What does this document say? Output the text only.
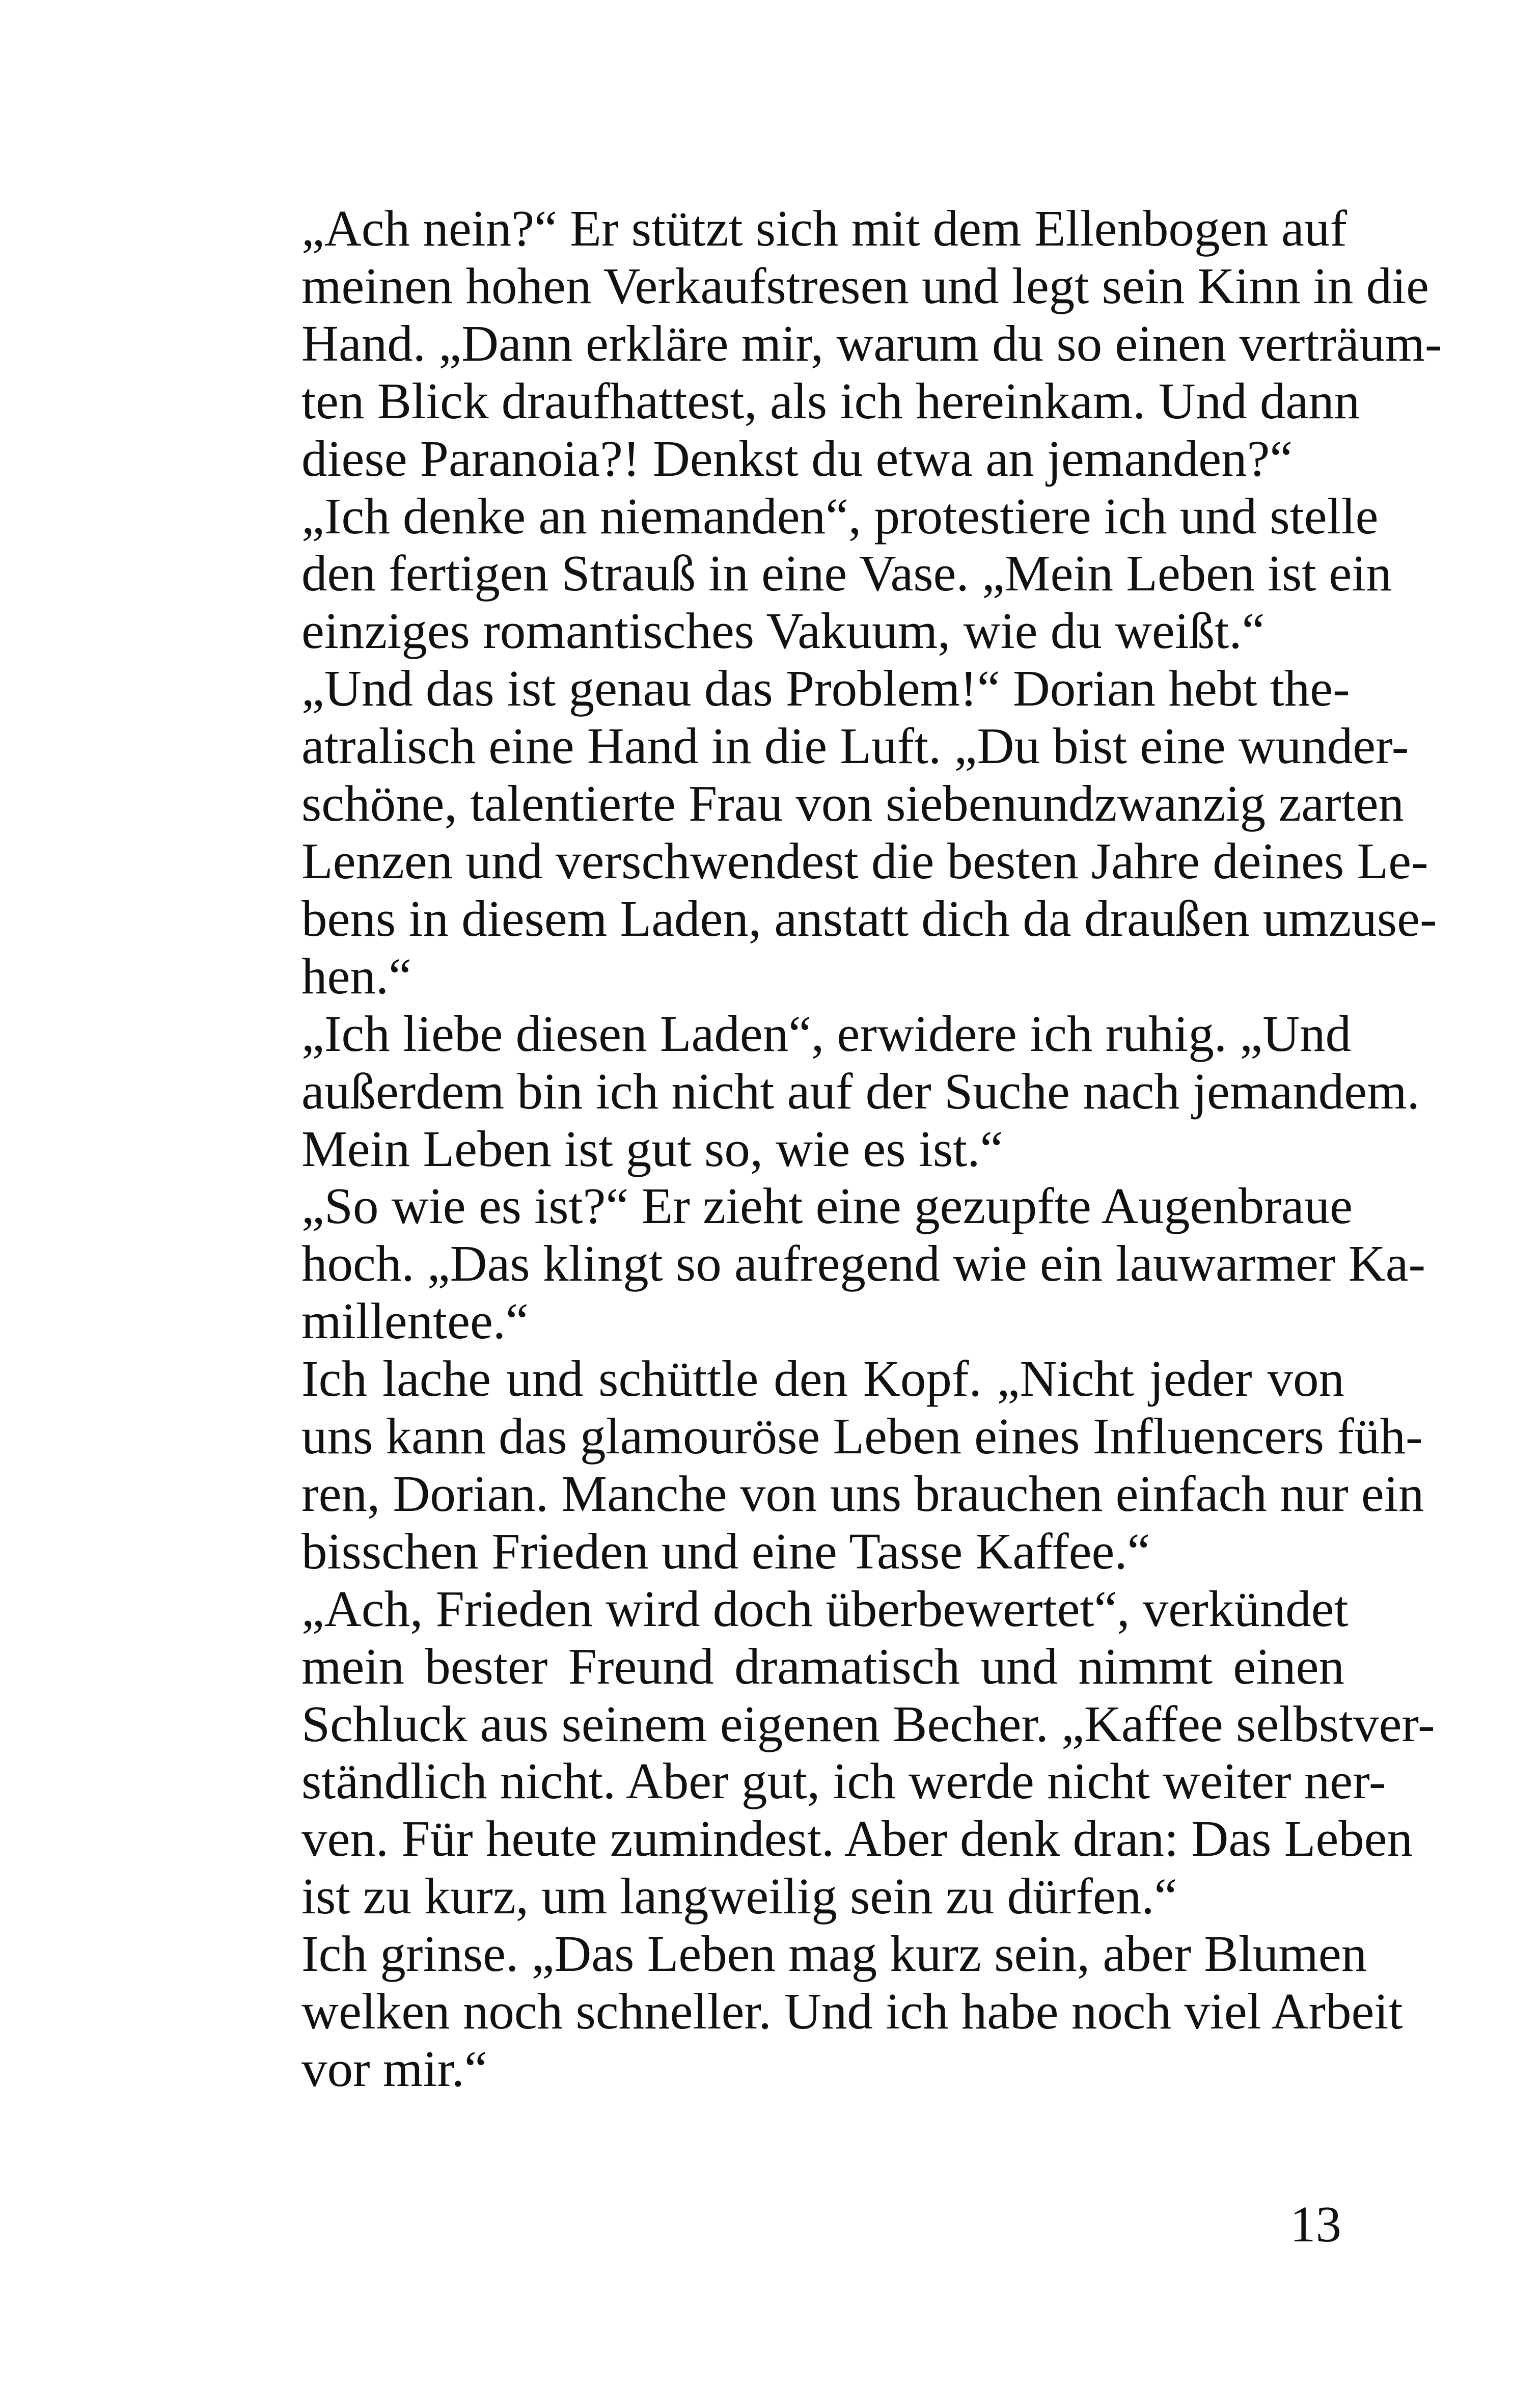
„Ach nein?“ Er stützt sich mit dem Ellenbogen auf
meinen hohen Verkaufstresen und legt sein Kinn in die
Hand. „Dann erkläre mir, warum du so einen verträum-
ten Blick draufhattest, als ich hereinkam. Und dann
diese Paranoia?! Denkst du etwa an jemanden?“

„Ich denke an niemanden“, protestiere ich und stelle
den fertigen Strauß in eine Vase. „Mein Leben ist ein
einziges romantisches Vakuum, wie du weißt.“

„Und das ist genau das Problem!“ Dorian hebt the-
atralisch eine Hand in die Luft. „Du bist eine wunder-
schöne, talentierte Frau von siebenundzwanzig zarten
Lenzen und verschwendest die besten Jahre deines Le-
bens in diesem Laden, anstatt dich da draußen umzuse-
hen.“

„Ich liebe diesen Laden“, erwidere ich ruhig. „Und
außerdem bin ich nicht auf der Suche nach jemandem.
Mein Leben ist gut so, wie es ist.“

„So wie es ist?“ Er zieht eine gezupfte Augenbraue
hoch. „Das klingt so aufregend wie ein lauwarmer Ka-
millentee.“

Ich lache und schüttle den Kopf. „Nicht jeder von
uns kann das glamouröse Leben eines Influencers füh-
ren, Dorian. Manche von uns brauchen einfach nur ein
bisschen Frieden und eine Tasse Kaffee.“

„Ach, Frieden wird doch überbewertet“, verkündet
mein bester Freund dramatisch und nimmt einen
Schluck aus seinem eigenen Becher. „Kaffee selbstver-
ständlich nicht. Aber gut, ich werde nicht weiter ner-
ven. Für heute zumindest. Aber denk dran: Das Leben
ist zu kurz, um langweilig sein zu dürfen.“

Ich grinse. „Das Leben mag kurz sein, aber Blumen
welken noch schneller. Und ich habe noch viel Arbeit
vor mir.“

13
